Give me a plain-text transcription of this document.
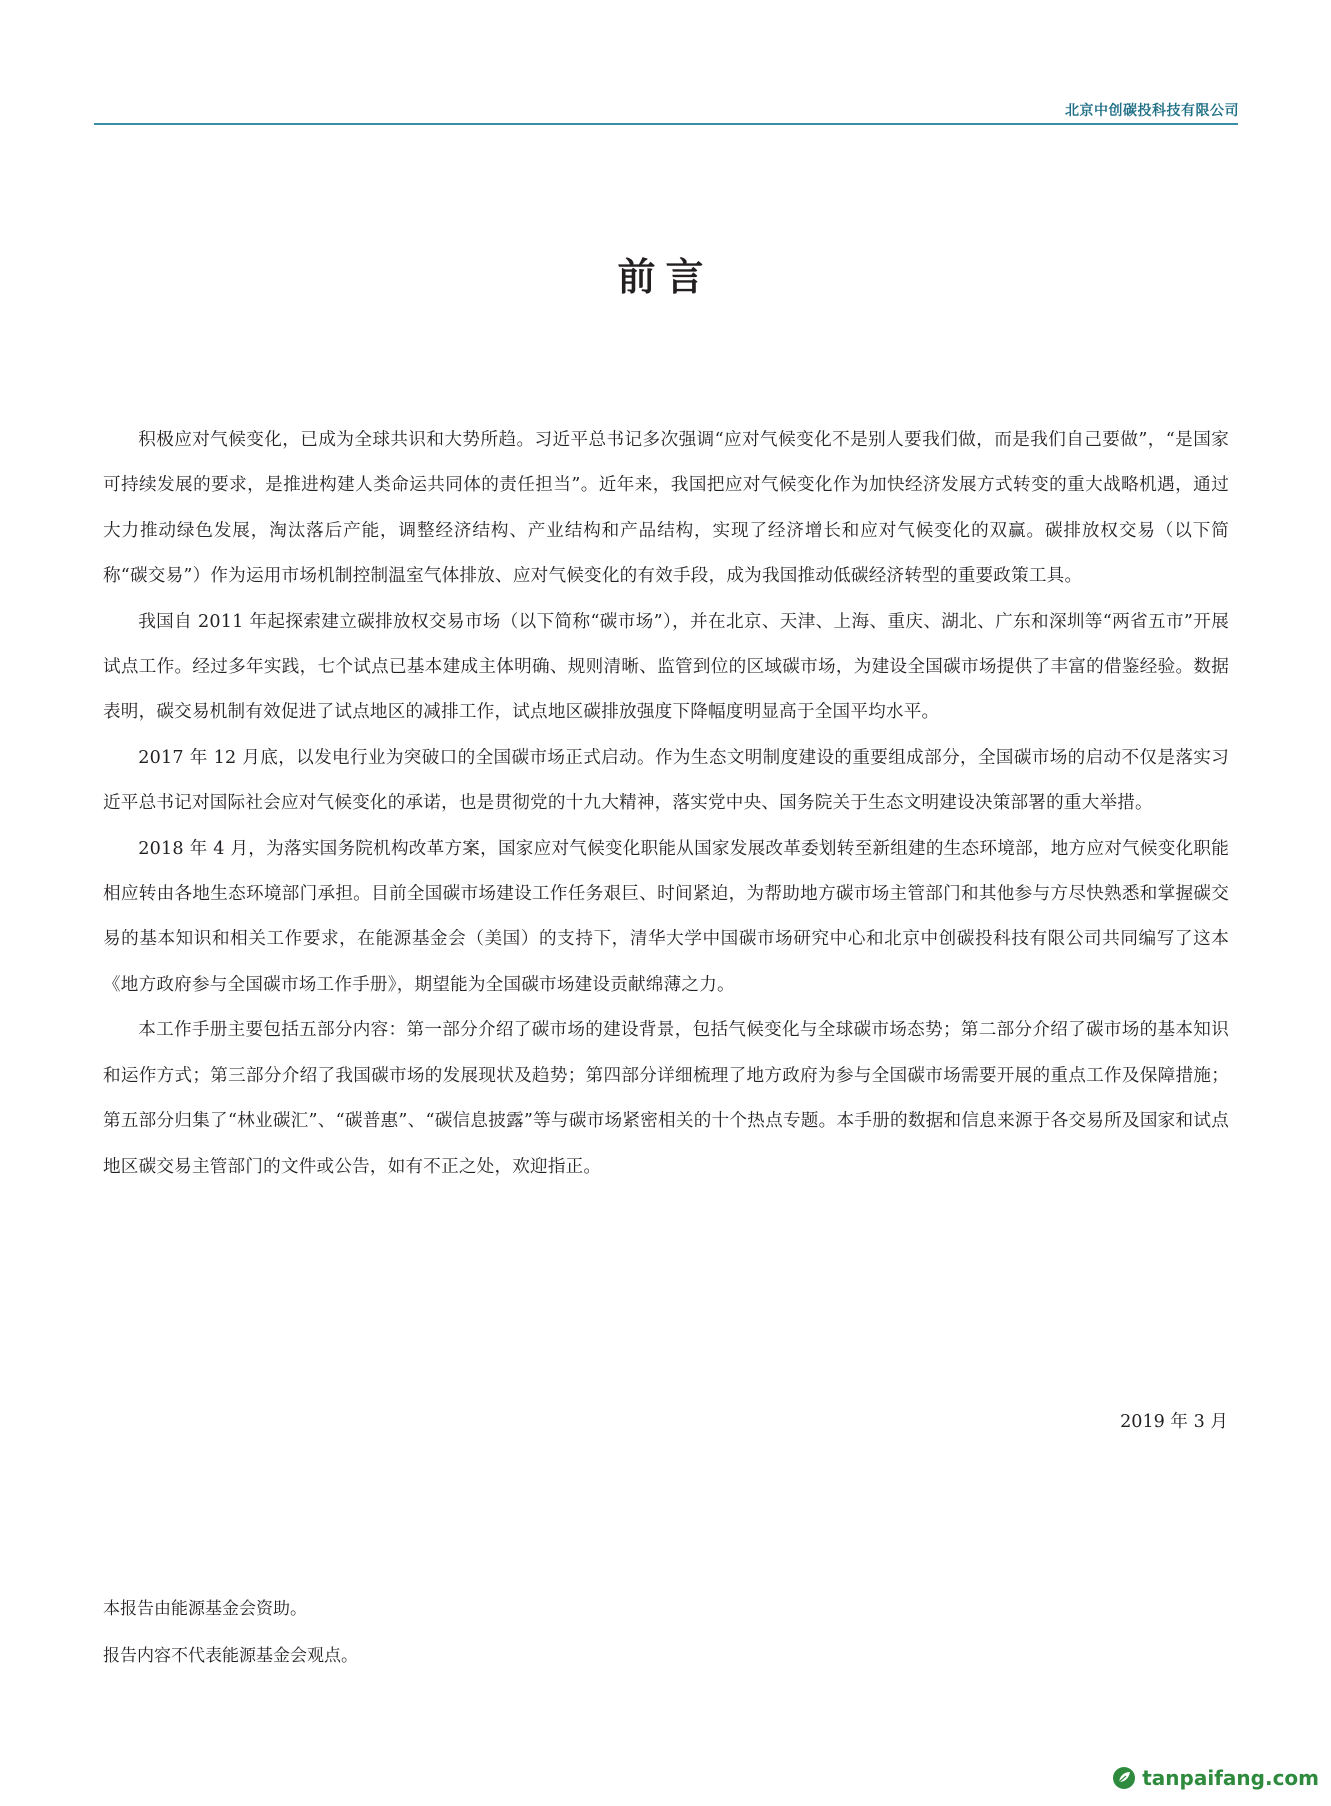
北京中创碳投科技有限公司
前言

积极应对气候变化，已成为全球共识和大势所趋。习近平总书记多次强调“应对气候变化不是别人要我们做，而是我们自己要做”，“是国家可持续发展的要求，是推进构建人类命运共同体的责任担当”。近年来，我国把应对气候变化作为加快经济发展方式转变的重大战略机遇，通过大力推动绿色发展，淘汰落后产能，调整经济结构、产业结构和产品结构，实现了经济增长和应对气候变化的双赢。碳排放权交易（以下简称“碳交易”）作为运用市场机制控制温室气体排放、应对气候变化的有效手段，成为我国推动低碳经济转型的重要政策工具。

我国自 2011 年起探索建立碳排放权交易市场（以下简称“碳市场”），并在北京、天津、上海、重庆、湖北、广东和深圳等“两省五市”开展试点工作。经过多年实践，七个试点已基本建成主体明确、规则清晰、监管到位的区域碳市场，为建设全国碳市场提供了丰富的借鉴经验。数据表明，碳交易机制有效促进了试点地区的减排工作，试点地区碳排放强度下降幅度明显高于全国平均水平。

2017 年 12 月底，以发电行业为突破口的全国碳市场正式启动。作为生态文明制度建设的重要组成部分，全国碳市场的启动不仅是落实习近平总书记对国际社会应对气候变化的承诺，也是贯彻党的十九大精神，落实党中央、国务院关于生态文明建设决策部署的重大举措。

2018 年 4 月，为落实国务院机构改革方案，国家应对气候变化职能从国家发展改革委划转至新组建的生态环境部，地方应对气候变化职能相应转由各地生态环境部门承担。目前全国碳市场建设工作任务艰巨、时间紧迫，为帮助地方碳市场主管部门和其他参与方尽快熟悉和掌握碳交易的基本知识和相关工作要求，在能源基金会（美国）的支持下，清华大学中国碳市场研究中心和北京中创碳投科技有限公司共同编写了这本《地方政府参与全国碳市场工作手册》，期望能为全国碳市场建设贡献绵薄之力。

本工作手册主要包括五部分内容：第一部分介绍了碳市场的建设背景，包括气候变化与全球碳市场态势；第二部分介绍了碳市场的基本知识和运作方式；第三部分介绍了我国碳市场的发展现状及趋势；第四部分详细梳理了地方政府为参与全国碳市场需要开展的重点工作及保障措施；第五部分归集了“林业碳汇”、“碳普惠”、“碳信息披露”等与碳市场紧密相关的十个热点专题。本手册的数据和信息来源于各交易所及国家和试点地区碳交易主管部门的文件或公告，如有不正之处，欢迎指正。

2019 年 3 月

本报告由能源基金会资助。

报告内容不代表能源基金会观点。

tanpaifang.com
